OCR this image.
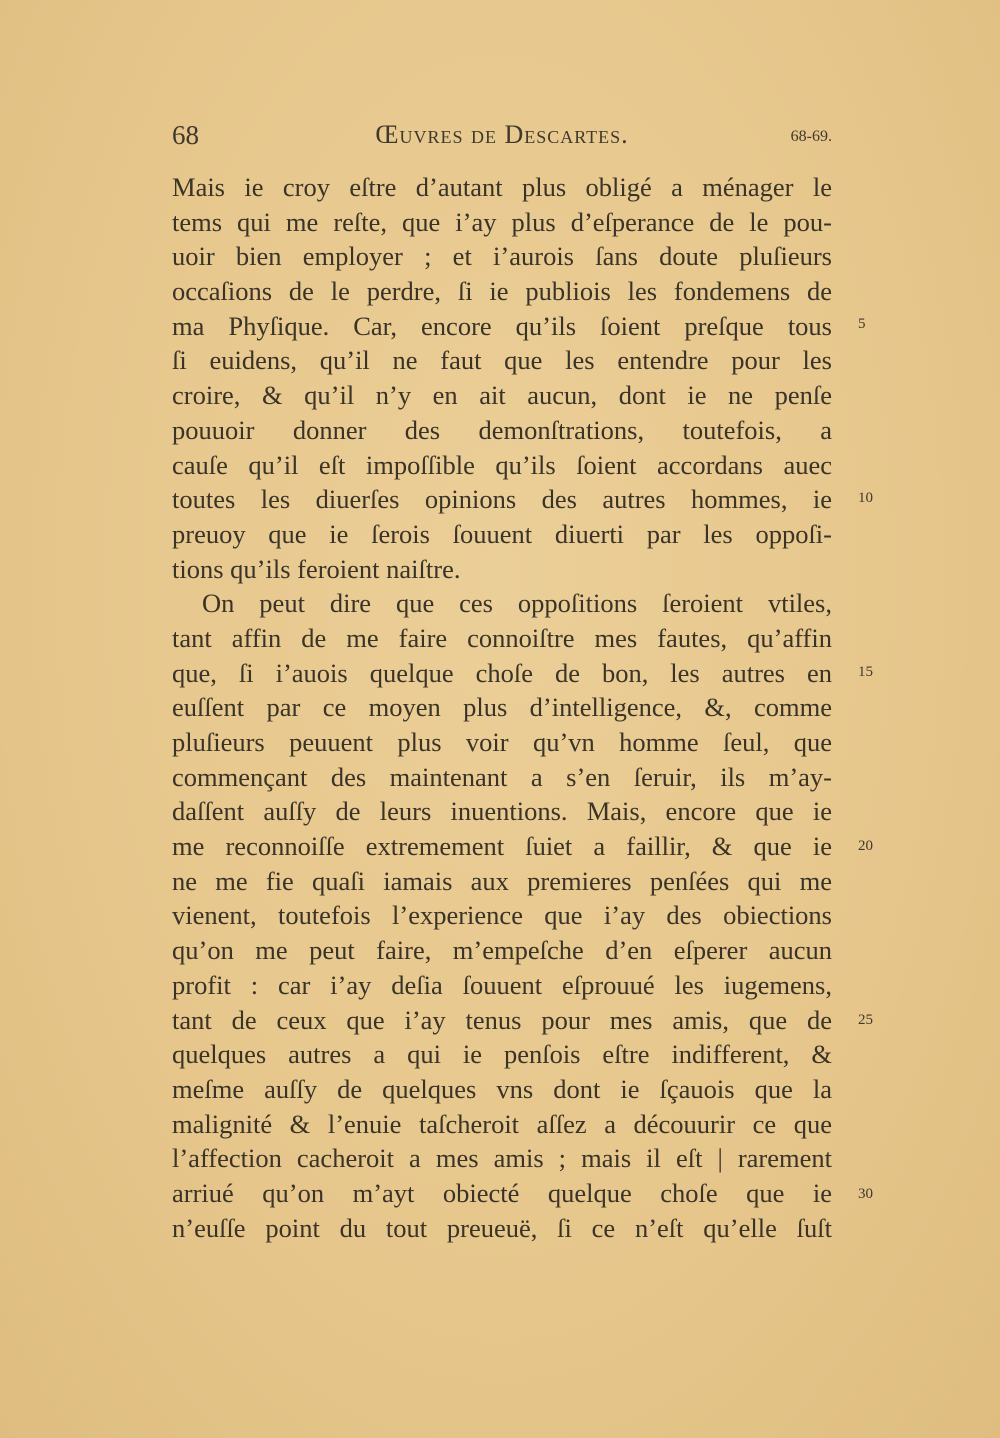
68	Œuvres de Descartes.	68-69.
Mais ie croy eſtre d’autant plus obligé a ménager le
tems qui me reſte, que i’ay plus d’eſperance de le pou-
uoir bien employer ; et i’aurois ſans doute pluſieurs
occaſions de le perdre, ſi ie publiois les fondemens de
ma Phyſique. Car, encore qu’ils ſoient preſque tous
ſi euidens, qu’il ne faut que les entendre pour les
croire, & qu’il n’y en ait aucun, dont ie ne penſe
pouuoir donner des demonſtrations, toutefois, a
cauſe qu’il eſt impoſſible qu’ils ſoient accordans auec
toutes les diuerſes opinions des autres hommes, ie
preuoy que ie ſerois ſouuent diuerti par les oppoſi-
tions qu’ils feroient naiſtre.
On peut dire que ces oppoſitions ſeroient vtiles,
tant affin de me faire connoiſtre mes fautes, qu’affin
que, ſi i’auois quelque choſe de bon, les autres en
euſſent par ce moyen plus d’intelligence, &, comme
pluſieurs peuuent plus voir qu’vn homme ſeul, que
commençant des maintenant a s’en ſeruir, ils m’ay-
daſſent auſſy de leurs inuentions. Mais, encore que ie
me reconnoiſſe extremement ſuiet a faillir, & que ie
ne me fie quaſi iamais aux premieres penſées qui me
vienent, toutefois l’experience que i’ay des obiections
qu’on me peut faire, m’empeſche d’en eſperer aucun
profit : car i’ay deſia ſouuent eſprouué les iugemens,
tant de ceux que i’ay tenus pour mes amis, que de
quelques autres a qui ie penſois eſtre indifferent, &
meſme auſſy de quelques vns dont ie ſçauois que la
malignité & l’enuie taſcheroit aſſez a découurir ce que
l’affection cacheroit a mes amis ; mais il eſt | rarement
arriué qu’on m’ayt obiecté quelque choſe que ie
n’euſſe point du tout preueuë, ſi ce n’eſt qu’elle ſuſt
5
10
15
20
25
30
